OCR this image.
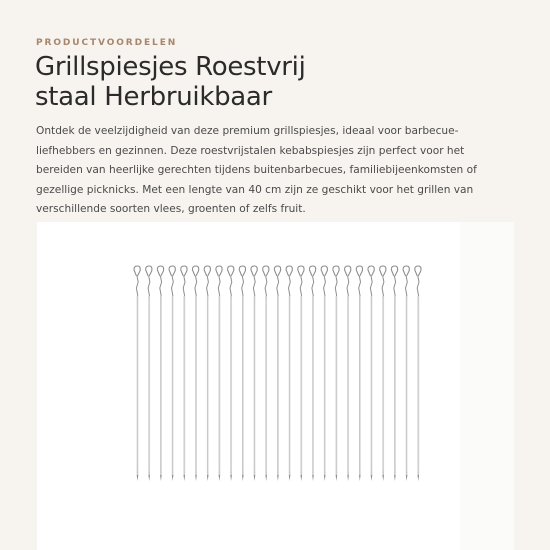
PRODUCTVOORDELEN

Grillspiesjes Roestvrij
staal Herbruikbaar

Ontdek de veelzijdigheid van deze premium grillspiesjes, ideaal voor barbecue-liefhebbers en gezinnen. Deze roestvrijstalen kebabspiesjes zijn perfect voor het bereiden van heerlijke gerechten tijdens buitenbarbecues, familiebijeenkomsten of gezellige picknicks. Met een lengte van 40 cm zijn ze geschikt voor het grillen van verschillende soorten vlees, groenten of zelfs fruit.
